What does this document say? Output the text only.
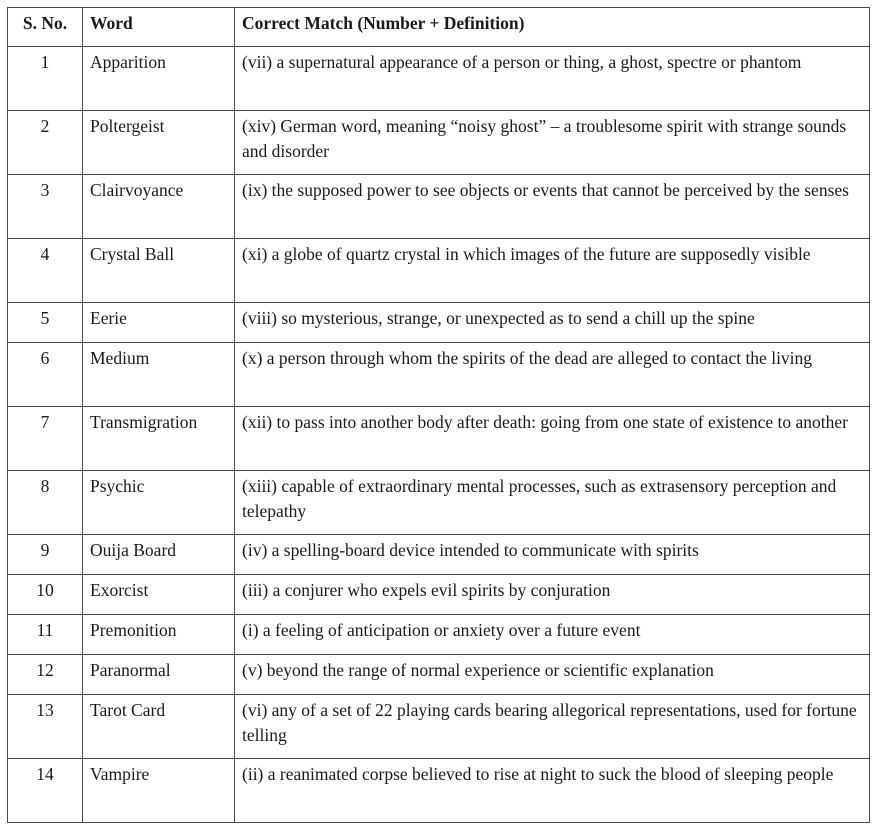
S. No.	Word	Correct Match (Number + Definition)
1	Apparition	(vii) a supernatural appearance of a person or thing, a ghost, spectre or phantom
2	Poltergeist	(xiv) German word, meaning “noisy ghost” – a troublesome spirit with strange sounds and disorder
3	Clairvoyance	(ix) the supposed power to see objects or events that cannot be perceived by the senses
4	Crystal Ball	(xi) a globe of quartz crystal in which images of the future are supposedly visible
5	Eerie	(viii) so mysterious, strange, or unexpected as to send a chill up the spine
6	Medium	(x) a person through whom the spirits of the dead are alleged to contact the living
7	Transmigration	(xii) to pass into another body after death: going from one state of existence to another
8	Psychic	(xiii) capable of extraordinary mental processes, such as extrasensory perception and telepathy
9	Ouija Board	(iv) a spelling-board device intended to communicate with spirits
10	Exorcist	(iii) a conjurer who expels evil spirits by conjuration
11	Premonition	(i) a feeling of anticipation or anxiety over a future event
12	Paranormal	(v) beyond the range of normal experience or scientific explanation
13	Tarot Card	(vi) any of a set of 22 playing cards bearing allegorical representations, used for fortune telling
14	Vampire	(ii) a reanimated corpse believed to rise at night to suck the blood of sleeping people
